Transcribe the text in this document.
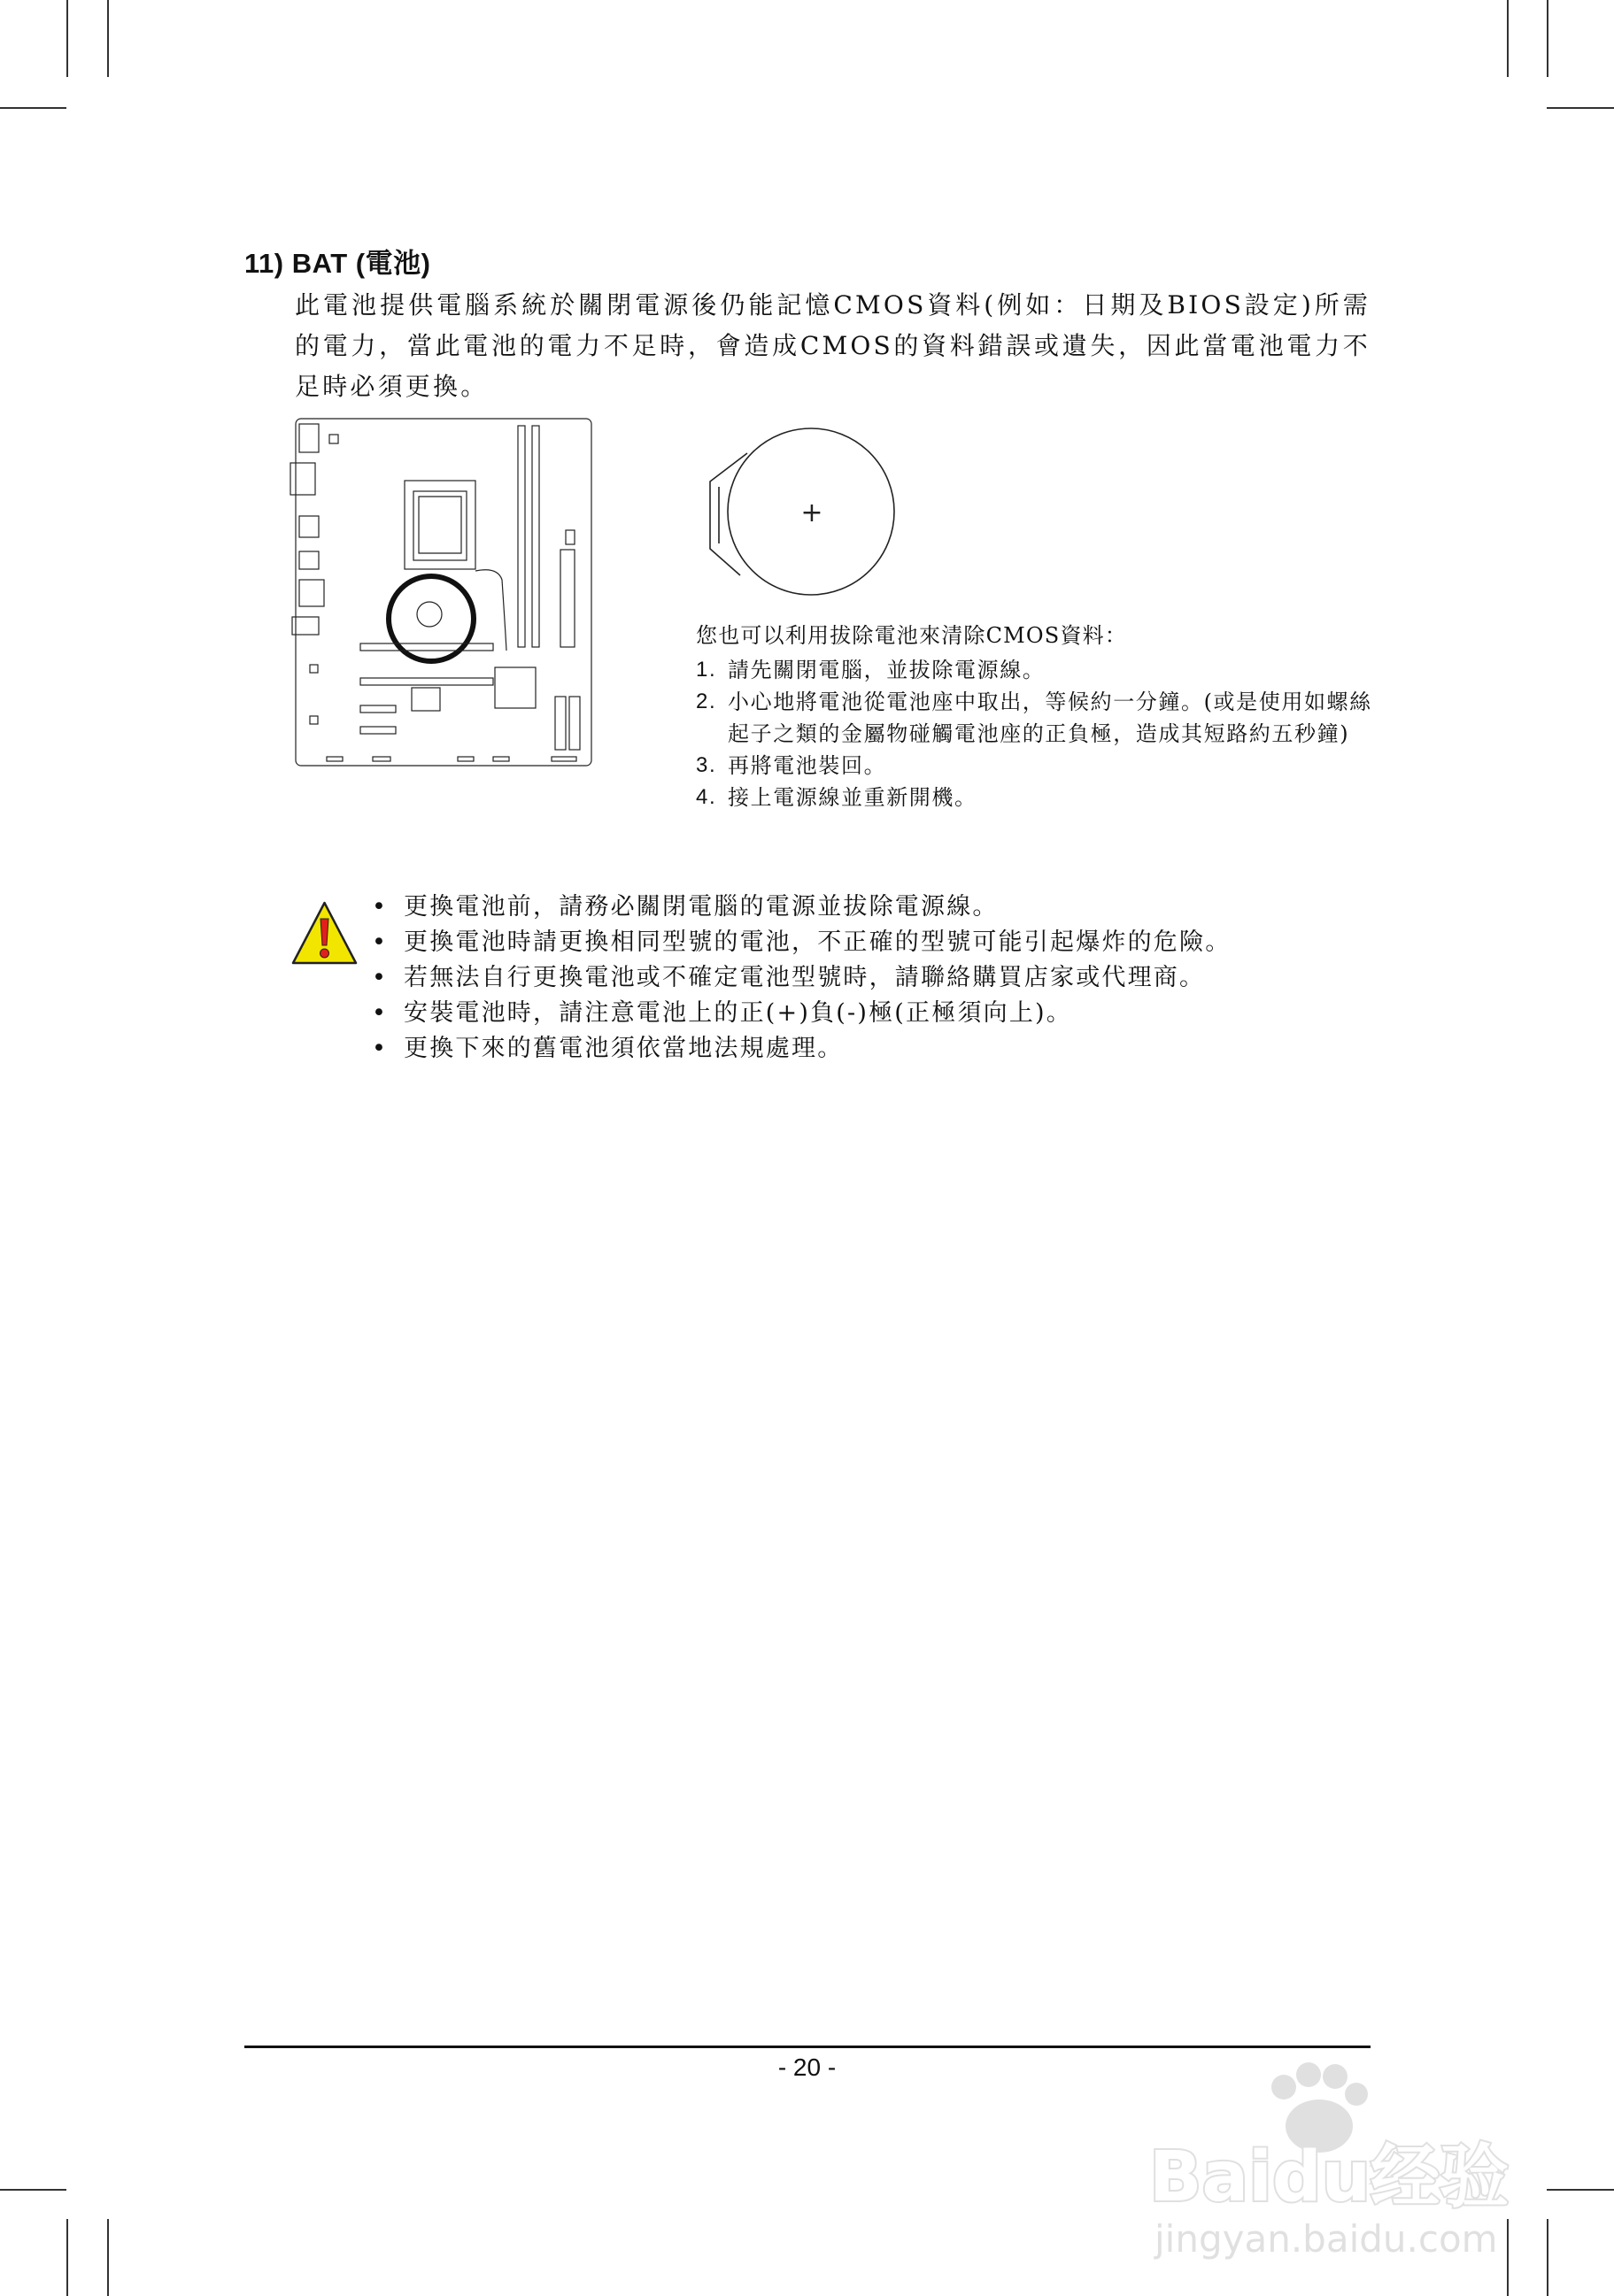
11) BAT (電池)

此電池提供電腦系統於關閉電源後仍能記憶CMOS資料(例如：日期及BIOS設定)所需的電力，當此電池的電力不足時，會造成CMOS的資料錯誤或遺失，因此當電池電力不足時必須更換。

+

您也可以利用拔除電池來清除CMOS資料：

1. 請先關閉電腦，並拔除電源線。
2. 小心地將電池從電池座中取出，等候約一分鐘。(或是使用如螺絲起子之類的金屬物碰觸電池座的正負極，造成其短路約五秒鐘)
3. 再將電池裝回。
4. 接上電源線並重新開機。
• 更換電池前，請務必關閉電腦的電源並拔除電源線。
• 更換電池時請更換相同型號的電池，不正確的型號可能引起爆炸的危險。
• 若無法自行更換電池或不確定電池型號時，請聯絡購買店家或代理商。
• 安裝電池時，請注意電池上的正(+)負(-)極(正極須向上)。
• 更換下來的舊電池須依當地法規處理。
- 20 -
Baidu经验
jingyan.baidu.com
